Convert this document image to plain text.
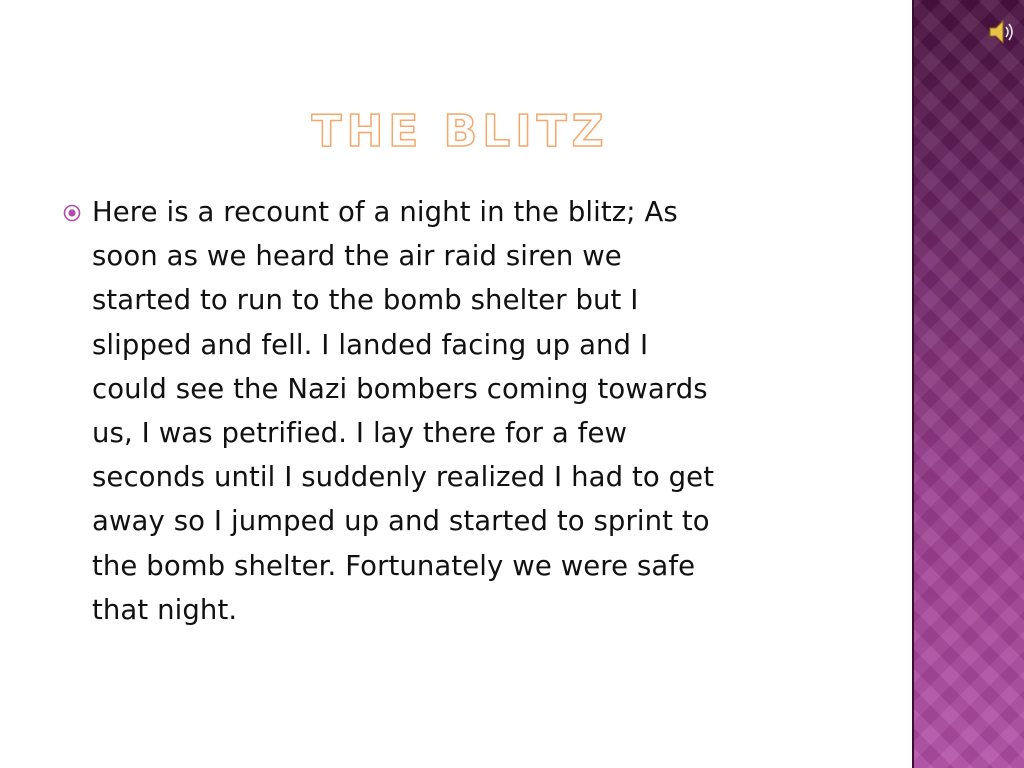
THE BLITZ

Here is a recount of a night in the blitz; As
soon as we heard the air raid siren we
started to run to the bomb shelter but I
slipped and fell. I landed facing up and I
could see the Nazi bombers coming towards
us, I was petrified. I lay there for a few
seconds until I suddenly realized I had to get
away so I jumped up and started to sprint to
the bomb shelter. Fortunately we were safe
that night.
